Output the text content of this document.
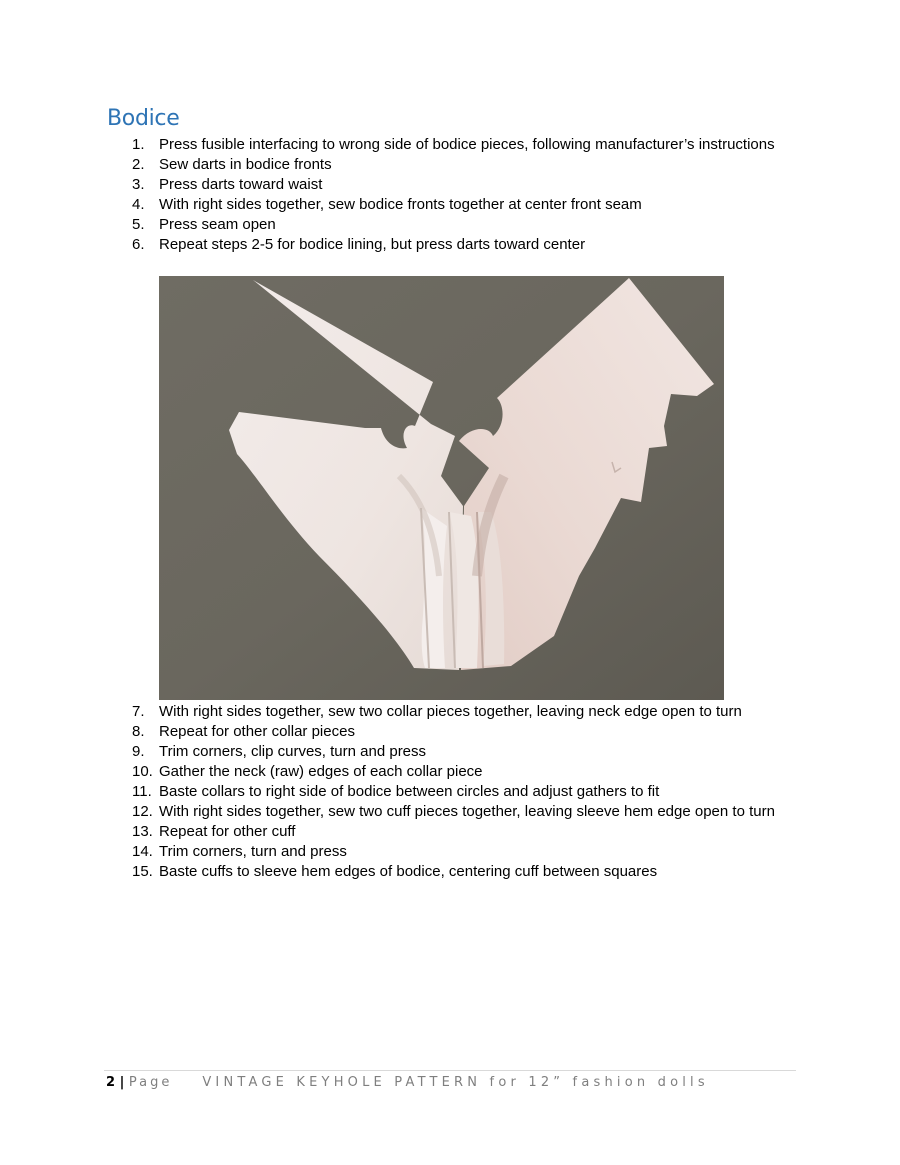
Bodice
1. Press fusible interfacing to wrong side of bodice pieces, following manufacturer’s instructions
2. Sew darts in bodice fronts
3. Press darts toward waist
4. With right sides together, sew bodice fronts together at center front seam
5. Press seam open
6. Repeat steps 2-5 for bodice lining, but press darts toward center
7. With right sides together, sew two collar pieces together, leaving neck edge open to turn
8. Repeat for other collar pieces
9. Trim corners, clip curves, turn and press
10. Gather the neck (raw) edges of each collar piece
11. Baste collars to right side of bodice between circles and adjust gathers to fit
12. With right sides together, sew two cuff pieces together, leaving sleeve hem edge open to turn
13. Repeat for other cuff
14. Trim corners, turn and press
15. Baste cuffs to sleeve hem edges of bodice, centering cuff between squares
2 | Page VINTAGE KEYHOLE PATTERN for 12” fashion dolls
